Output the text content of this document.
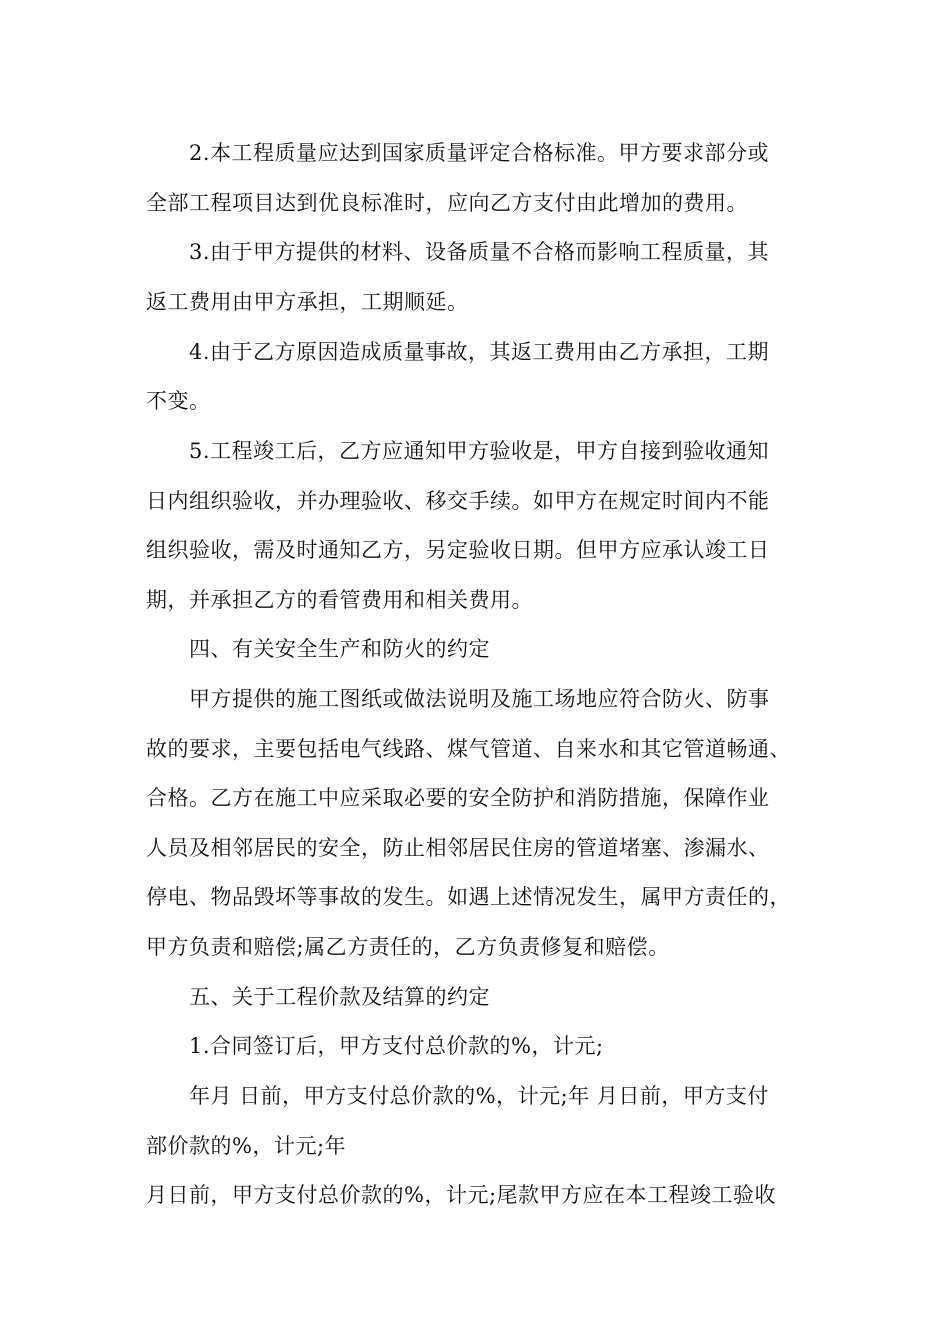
2.本工程质量应达到国家质量评定合格标准。甲方要求部分或
全部工程项目达到优良标准时，应向乙方支付由此增加的费用。
3.由于甲方提供的材料、设备质量不合格而影响工程质量，其
返工费用由甲方承担，工期顺延。
4.由于乙方原因造成质量事故，其返工费用由乙方承担，工期
不变。
5.工程竣工后，乙方应通知甲方验收是，甲方自接到验收通知
日内组织验收，并办理验收、移交手续。如甲方在规定时间内不能
组织验收，需及时通知乙方，另定验收日期。但甲方应承认竣工日
期，并承担乙方的看管费用和相关费用。
四、有关安全生产和防火的约定
甲方提供的施工图纸或做法说明及施工场地应符合防火、防事
故的要求，主要包括电气线路、煤气管道、自来水和其它管道畅通、
合格。乙方在施工中应采取必要的安全防护和消防措施，保障作业
人员及相邻居民的安全，防止相邻居民住房的管道堵塞、渗漏水、
停电、物品毁坏等事故的发生。如遇上述情况发生，属甲方责任的，
甲方负责和赔偿;属乙方责任的，乙方负责修复和赔偿。
五、关于工程价款及结算的约定
1.合同签订后，甲方支付总价款的%，计元;
年月 日前，甲方支付总价款的%，计元;年 月日前，甲方支付
部价款的%，计元;年
月日前，甲方支付总价款的%，计元;尾款甲方应在本工程竣工验收
